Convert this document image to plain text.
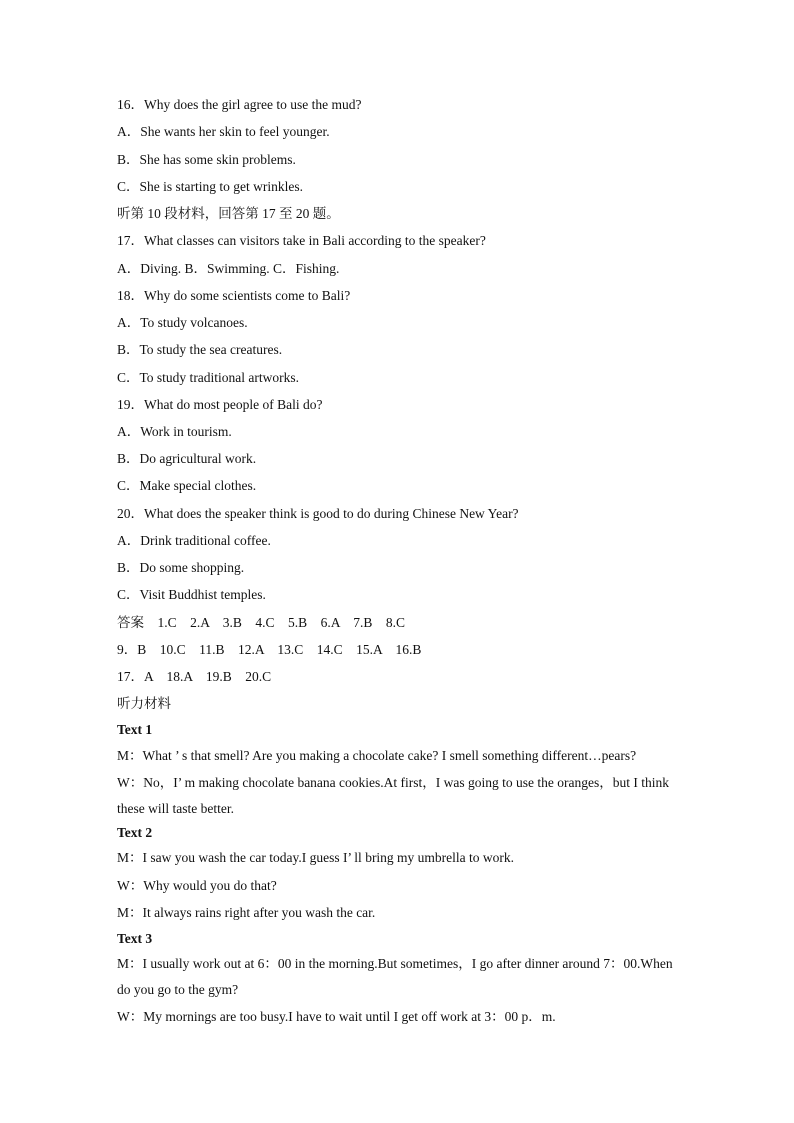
16．Why does the girl agree to use the mud?
A．She wants her skin to feel younger.
B．She has some skin problems.
C．She is starting to get wrinkles.
听第 10 段材料，回答第 17 至 20 题。
17．What classes can visitors take in Bali according to the speaker?
A．Diving. B．Swimming. C．Fishing.
18．Why do some scientists come to Bali?
A．To study volcanoes.
B．To study the sea creatures.
C．To study traditional artworks.
19．What do most people of Bali do?
A．Work in tourism.
B．Do agricultural work.
C．Make special clothes.
20．What does the speaker think is good to do during Chinese New Year?
A．Drink traditional coffee.
B．Do some shopping.
C．Visit Buddhist temples.
答案　1.C　2.A　3.B　4.C　5.B　6.A　7.B　8.C
9．B　10.C　11.B　12.A　13.C　14.C　15.A　16.B
17．A　18.A　19.B　20.C
听力材料
Text 1
M：What ’ s that smell? Are you making a chocolate cake? I smell something different…pears?
W：No，I’ m making chocolate banana cookies.At first，I was going to use the oranges，but I think these will taste better.
Text 2
M：I saw you wash the car today.I guess I’ ll bring my umbrella to work.
W：Why would you do that?
M：It always rains right after you wash the car.
Text 3
M：I usually work out at 6：00 in the morning.But sometimes，I go after dinner around 7：00.When do you go to the gym?
W：My mornings are too busy.I have to wait until I get off work at 3：00 p．m.
